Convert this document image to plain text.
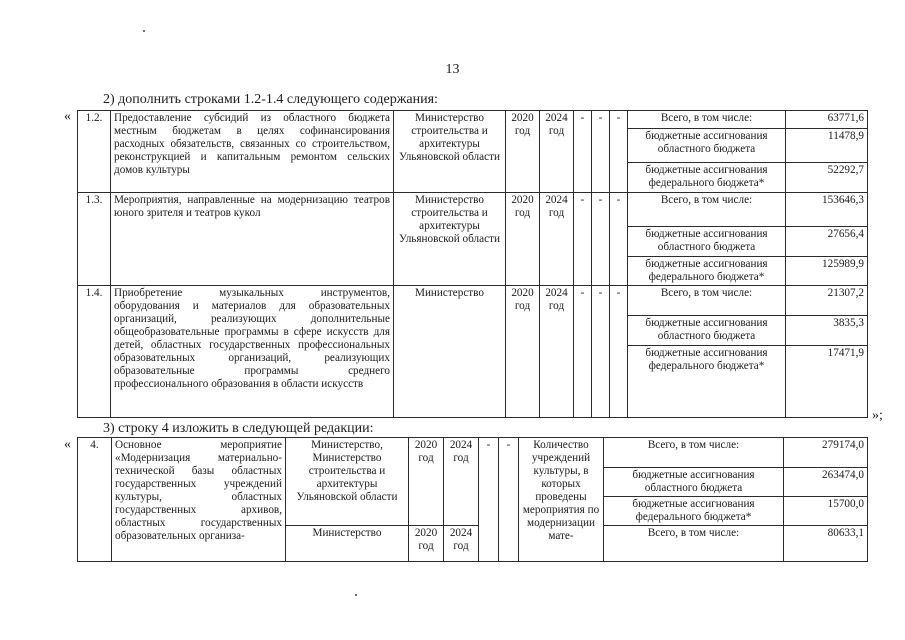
13
2) дополнить строками 1.2-1.4 следующего содержания:
« 1.2.	Предоставление субсидий из областного бюджета местным бюджетам в целях софинансирования расходных обязательств, связанных со строительством, реконструкцией и капитальным ремонтом сельских домов культуры	Министерство строительства и архитектуры Ульяновской области	2020 год	2024 год	-	-	-	Всего, в том числе:	63771,6
								бюджетные ассигнования областного бюджета	11478,9
								бюджетные ассигнования федерального бюджета*	52292,7
1.3.	Мероприятия, направленные на модернизацию театров юного зрителя и театров кукол	Министерство строительства и архитектуры Ульяновской области	2020 год	2024 год	-	-	-	Всего, в том числе:	153646,3
								бюджетные ассигнования областного бюджета	27656,4
								бюджетные ассигнования федерального бюджета*	125989,9
1.4.	Приобретение музыкальных инструментов, оборудования и материалов для образовательных организаций, реализующих дополнительные общеобразовательные программы в сфере искусств для детей, областных государственных профессиональных образовательных организаций, реализующих образовательные программы среднего профессионального образования в области искусств	Министерство	2020 год	2024 год	-	-	-	Всего, в том числе:	21307,2
								бюджетные ассигнования областного бюджета	3835,3
								бюджетные ассигнования федерального бюджета*	17471,9
»;
3) строку 4 изложить в следующей редакции:
« 4.	Основное мероприятие «Модернизация материально-технической базы областных государственных учреждений культуры, областных государственных архивов, областных государственных образовательных организа-	Министерство, Министерство строительства и архитектуры Ульяновской области	2020 год	2024 год	-	-	Количество учреждений культуры, в которых проведены мероприятия по модернизации мате-	Всего, в том числе:	279174,0
								бюджетные ассигнования областного бюджета	263474,0
								бюджетные ассигнования федерального бюджета*	15700,0
		Министерство	2020 год	2024 год				Всего, в том числе:	80633,1
